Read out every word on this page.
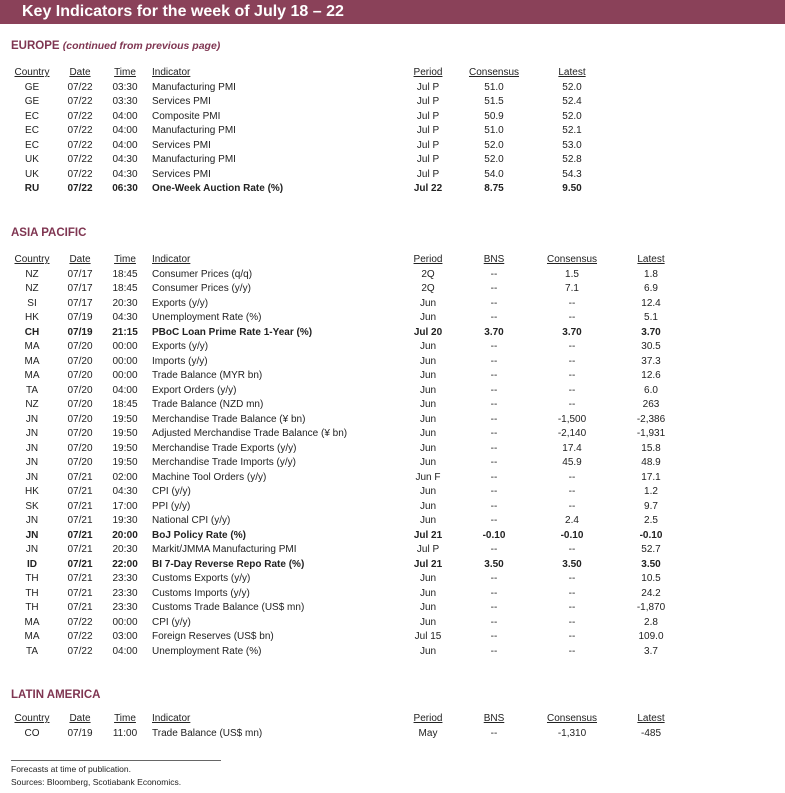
Key Indicators for the week of July 18 – 22
EUROPE (continued from previous page)
Country Date Time Indicator	Period	Consensus	Latest
GE	07/22 03:30 Manufacturing PMI	Jul P	51.0	52.0
GE	07/22 03:30 Services PMI	Jul P	51.5	52.4
EC	07/22 04:00 Composite PMI	Jul P	50.9	52.0
EC	07/22 04:00 Manufacturing PMI	Jul P	51.0	52.1
EC	07/22 04:00 Services PMI	Jul P	52.0	53.0
UK	07/22 04:30 Manufacturing PMI	Jul P	52.0	52.8
UK	07/22 04:30 Services PMI	Jul P	54.0	54.3
RU	07/22 06:30 One-Week Auction Rate (%)	Jul 22	8.75	9.50
ASIA PACIFIC
Country Date Time Indicator	Period	BNS	Consensus	Latest
NZ	07/17 18:45 Consumer Prices (q/q)	2Q	--	1.5	1.8
NZ	07/17 18:45 Consumer Prices (y/y)	2Q	--	7.1	6.9
SI	07/17 20:30 Exports (y/y)	Jun	--	--	12.4
HK	07/19 04:30 Unemployment Rate (%)	Jun	--	--	5.1
CH	07/19 21:15 PBoC Loan Prime Rate 1-Year (%)	Jul 20	3.70	3.70	3.70
MA	07/20 00:00 Exports (y/y)	Jun	--	--	30.5
MA	07/20 00:00 Imports (y/y)	Jun	--	--	37.3
MA	07/20 00:00 Trade Balance (MYR bn)	Jun	--	--	12.6
TA	07/20 04:00 Export Orders (y/y)	Jun	--	--	6.0
NZ	07/20 18:45 Trade Balance (NZD mn)	Jun	--	--	263
JN	07/20 19:50 Merchandise Trade Balance (¥ bn)	Jun	--	-1,500	-2,386
JN	07/20 19:50 Adjusted Merchandise Trade Balance (¥ bn)	Jun	--	-2,140	-1,931
JN	07/20 19:50 Merchandise Trade Exports (y/y)	Jun	--	17.4	15.8
JN	07/20 19:50 Merchandise Trade Imports (y/y)	Jun	--	45.9	48.9
JN	07/21 02:00 Machine Tool Orders (y/y)	Jun F	--	--	17.1
HK	07/21 04:30 CPI (y/y)	Jun	--	--	1.2
SK	07/21 17:00 PPI (y/y)	Jun	--	--	9.7
JN	07/21 19:30 National CPI (y/y)	Jun	--	2.4	2.5
JN	07/21 20:00 BoJ Policy Rate (%)	Jul 21	-0.10	-0.10	-0.10
JN	07/21 20:30 Markit/JMMA Manufacturing PMI	Jul P	--	--	52.7
ID	07/21 22:00 BI 7-Day Reverse Repo Rate (%)	Jul 21	3.50	3.50	3.50
TH	07/21 23:30 Customs Exports (y/y)	Jun	--	--	10.5
TH	07/21 23:30 Customs Imports (y/y)	Jun	--	--	24.2
TH	07/21 23:30 Customs Trade Balance (US$ mn)	Jun	--	--	-1,870
MA	07/22 00:00 CPI (y/y)	Jun	--	--	2.8
MA	07/22 03:00 Foreign Reserves (US$ bn)	Jul 15	--	--	109.0
TA	07/22 04:00 Unemployment Rate (%)	Jun	--	--	3.7
LATIN AMERICA
Country Date Time Indicator	Period	BNS	Consensus	Latest
CO	07/19 11:00 Trade Balance (US$ mn)	May	--	-1,310	-485
Forecasts at time of publication.
Sources: Bloomberg, Scotiabank Economics.
